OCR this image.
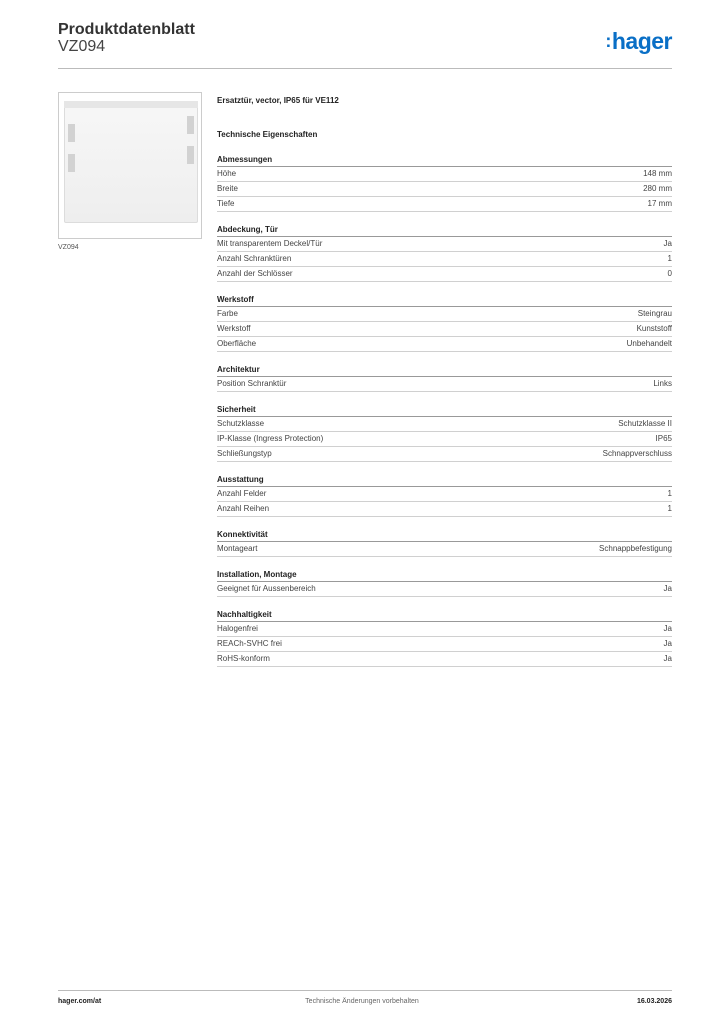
Produktdatenblatt
VZ094	:hager
VZ094
Ersatztür, vector, IP65 für VE112
Technische Eigenschaften
Abmessungen
Höhe	148 mm
Breite	280 mm
Tiefe	17 mm
Abdeckung, Tür
Mit transparentem Deckel/Tür	Ja
Anzahl Schranktüren	1
Anzahl der Schlösser	0
Werkstoff
Farbe	Steingrau
Werkstoff	Kunststoff
Oberfläche	Unbehandelt
Architektur
Position Schranktür	Links
Sicherheit
Schutzklasse	Schutzklasse II
IP-Klasse (Ingress Protection)	IP65
Schließungstyp	Schnappverschluss
Ausstattung
Anzahl Felder	1
Anzahl Reihen	1
Konnektivität
Montageart	Schnappbefestigung
Installation, Montage
Geeignet für Aussenbereich	Ja
Nachhaltigkeit
Halogenfrei	Ja
REACh-SVHC frei	Ja
RoHS-konform	Ja
hager.com/at	Technische Änderungen vorbehalten	16.03.2026
